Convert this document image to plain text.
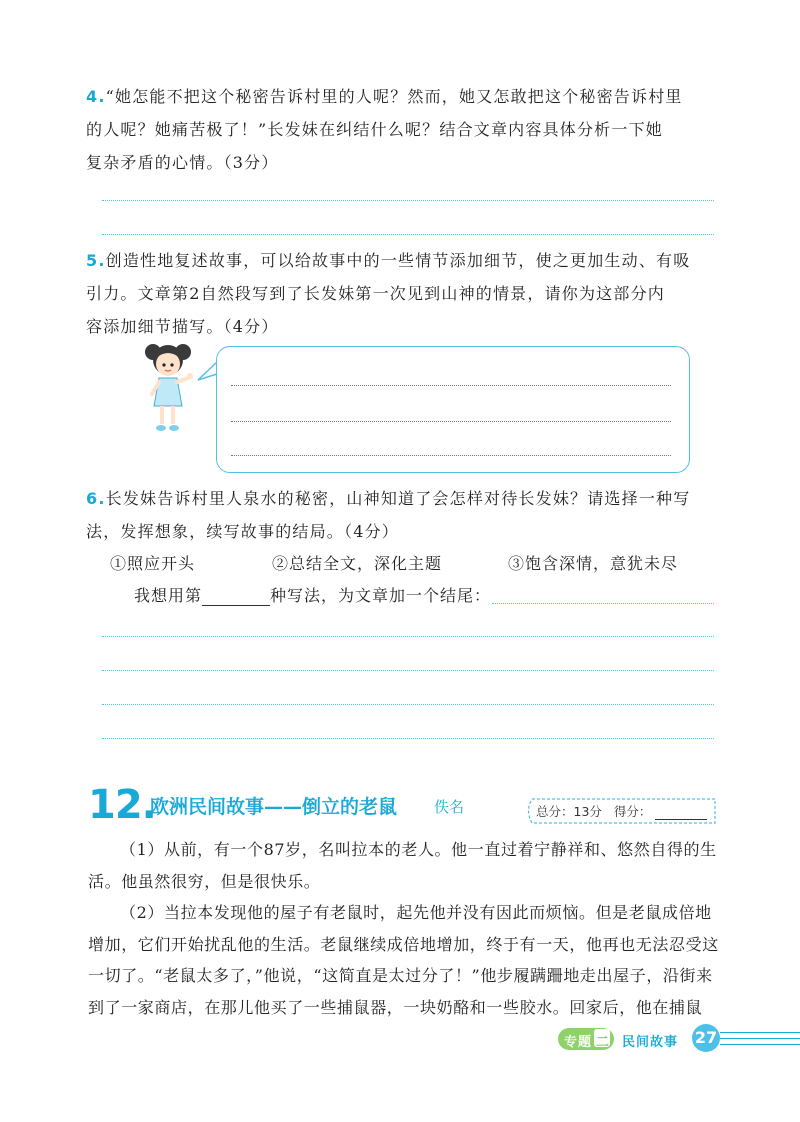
4.“她怎能不把这个秘密告诉村里的人呢？然而，她又怎敢把这个秘密告诉村里
的人呢？她痛苦极了！”长发妹在纠结什么呢？结合文章内容具体分析一下她
复杂矛盾的心情。（3分）
5.创造性地复述故事，可以给故事中的一些情节添加细节，使之更加生动、有吸
引力。文章第2自然段写到了长发妹第一次见到山神的情景，请你为这部分内
容添加细节描写。（4分）
6.长发妹告诉村里人泉水的秘密，山神知道了会怎样对待长发妹？请选择一种写
法，发挥想象，续写故事的结局。（4分）
①照应开头	②总结全文，深化主题	③饱含深情，意犹未尽
我想用第	种写法，为文章加一个结尾：
12.
欧洲民间故事——倒立的老鼠 佚名	总分：13分 得分：
（1）从前，有一个87岁，名叫拉本的老人。他一直过着宁静祥和、悠然自得的生活。他虽然很穷，但是很快乐。
（2）当拉本发现他的屋子有老鼠时，起先他并没有因此而烦恼。但是老鼠成倍地增加，它们开始扰乱他的生活。老鼠继续成倍地增加，终于有一天，他再也无法忍受这一切了。“老鼠太多了，”他说，“这简直是太过分了！”他步履蹒跚地走出屋子，沿街来到了一家商店，在那儿他买了一些捕鼠器，一块奶酪和一些胶水。回家后，他在捕鼠
专 题 二 民间故事 27
